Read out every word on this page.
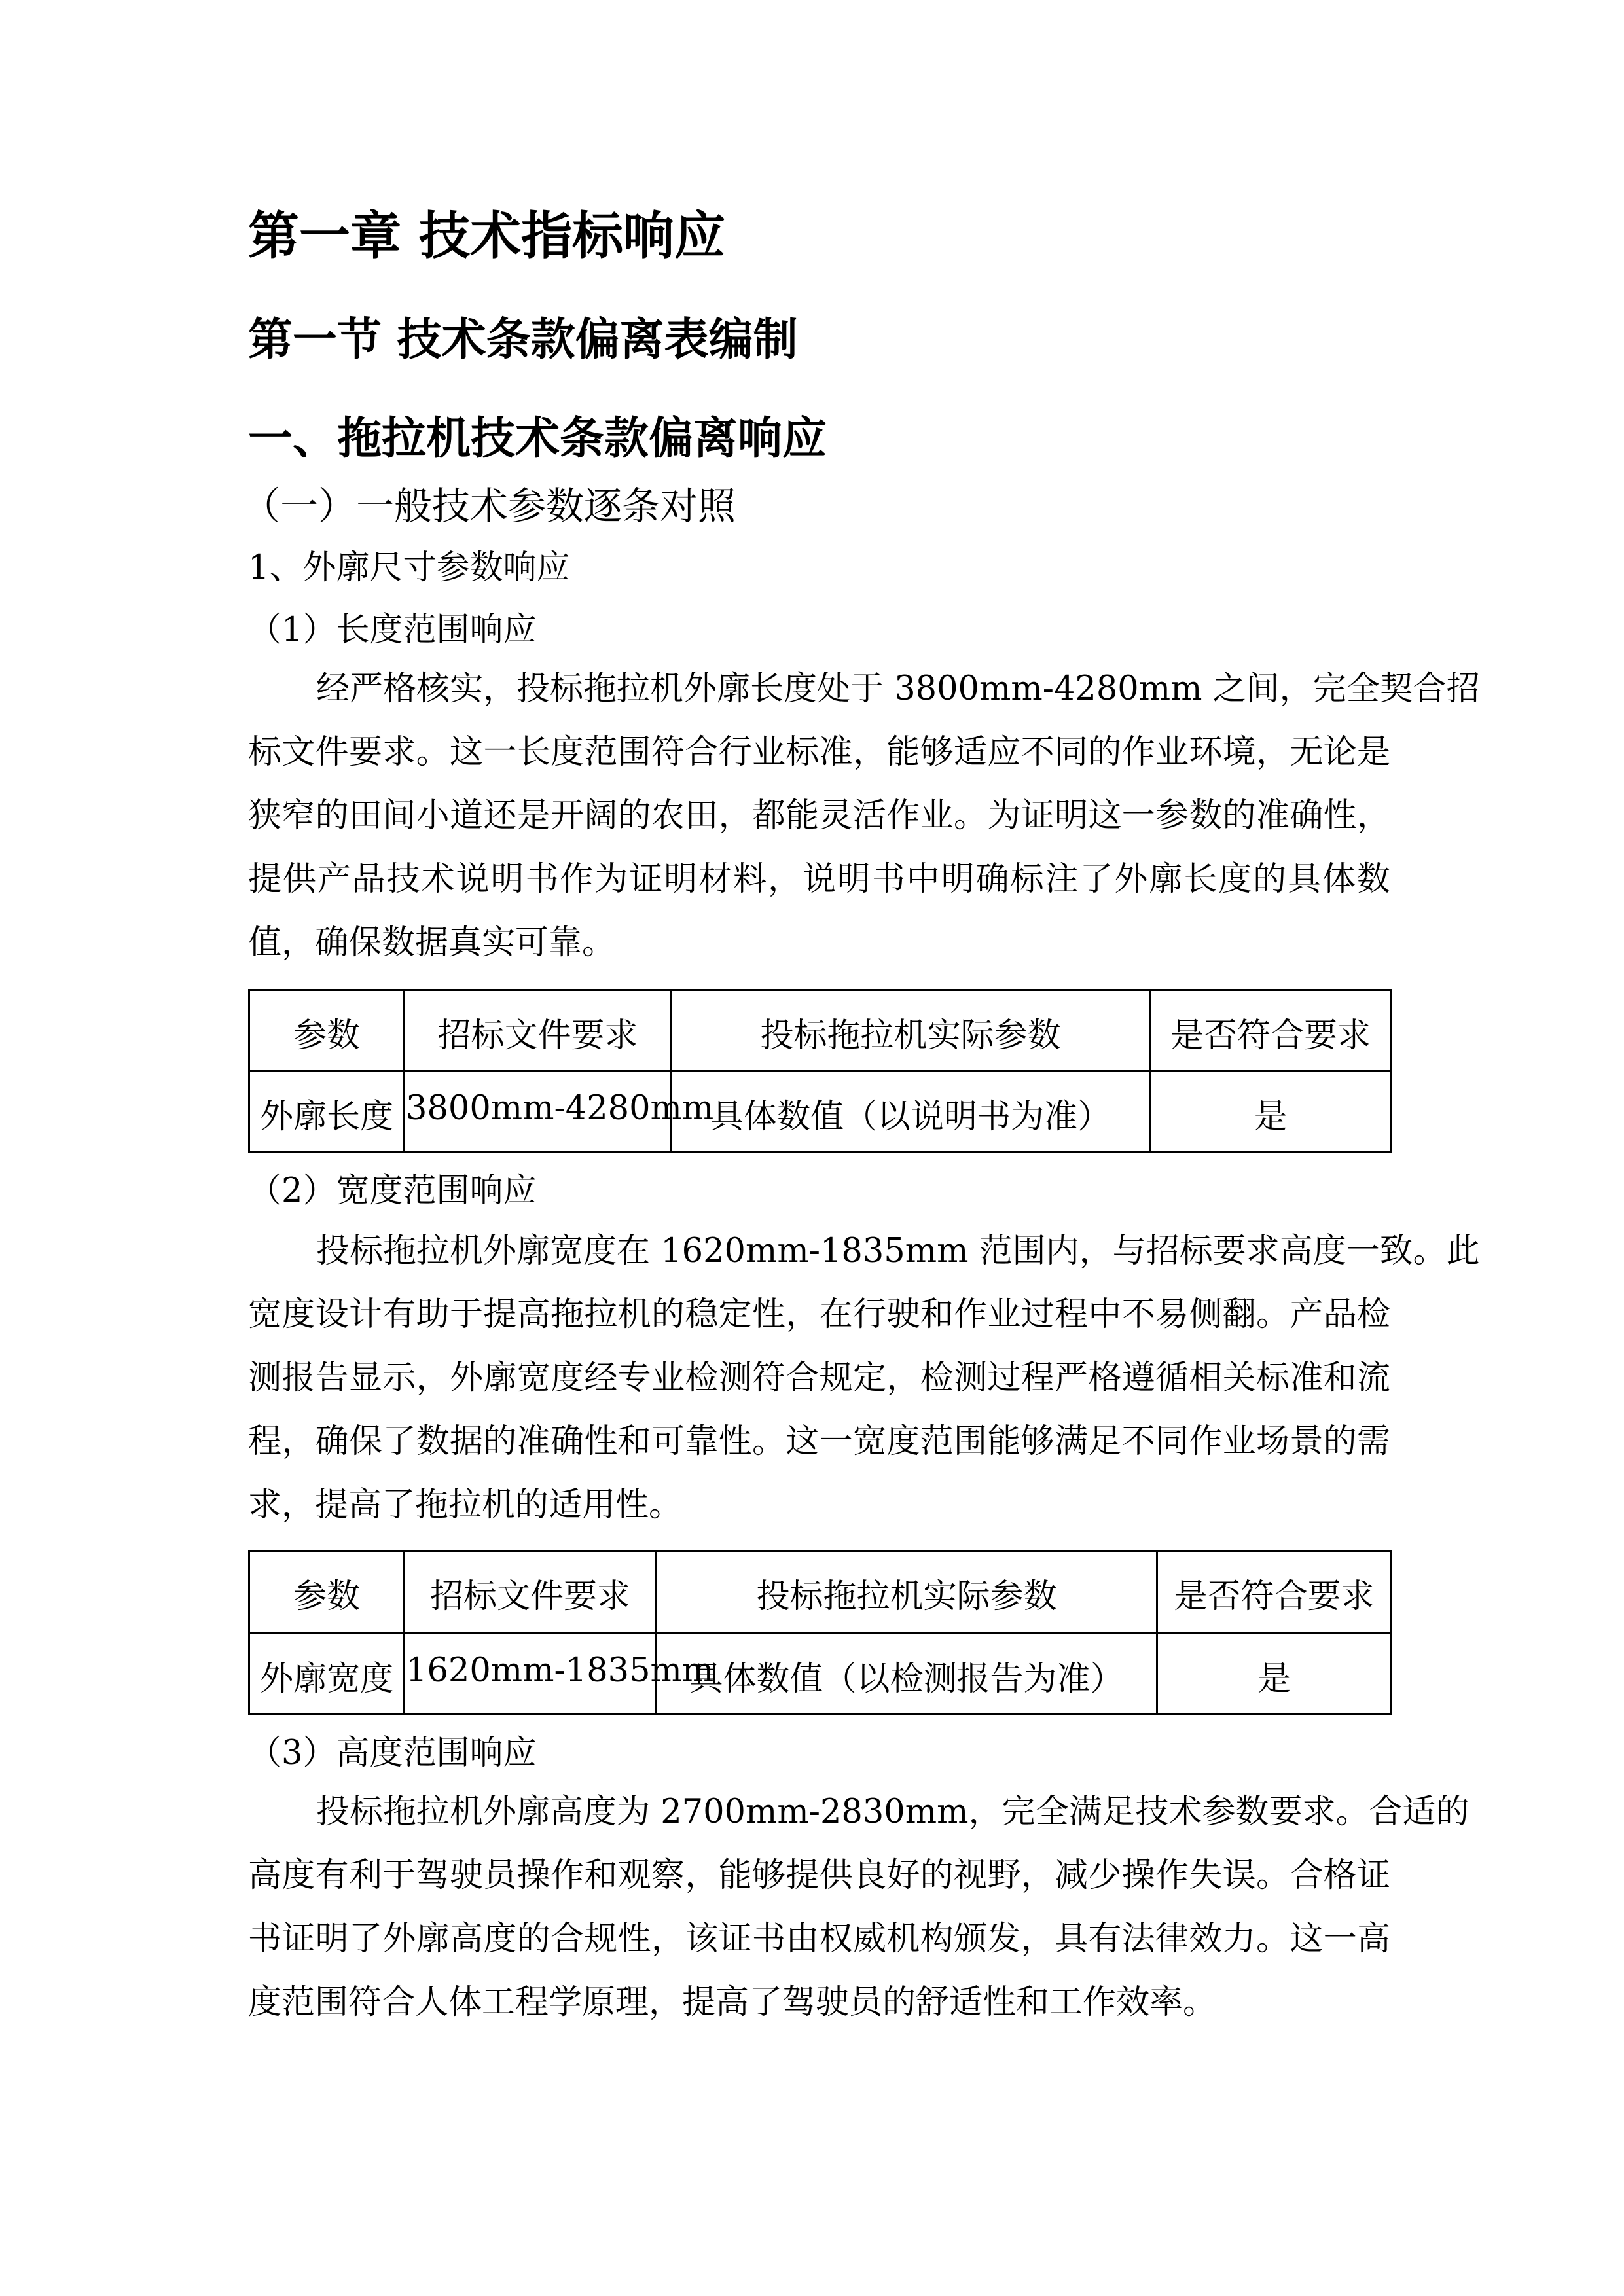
第一章 技术指标响应
第一节 技术条款偏离表编制
一、拖拉机技术条款偏离响应
（一）一般技术参数逐条对照
1、外廓尺寸参数响应
（1）长度范围响应
经严格核实，投标拖拉机外廓长度处于 3800mm-4280mm 之间，完全契合招
标文件要求。这一长度范围符合行业标准，能够适应不同的作业环境，无论是
狭窄的田间小道还是开阔的农田，都能灵活作业。为证明这一参数的准确性，
提供产品技术说明书作为证明材料，说明书中明确标注了外廓长度的具体数
值，确保数据真实可靠。
参数	招标文件要求	投标拖拉机实际参数	是否符合要求
外廓长度	3800mm-4280mm	具体数值（以说明书为准）	是
（2）宽度范围响应
投标拖拉机外廓宽度在 1620mm-1835mm 范围内，与招标要求高度一致。此
宽度设计有助于提高拖拉机的稳定性，在行驶和作业过程中不易侧翻。产品检
测报告显示，外廓宽度经专业检测符合规定，检测过程严格遵循相关标准和流
程，确保了数据的准确性和可靠性。这一宽度范围能够满足不同作业场景的需
求，提高了拖拉机的适用性。
参数	招标文件要求	投标拖拉机实际参数	是否符合要求
外廓宽度	1620mm-1835mm	具体数值（以检测报告为准）	是
（3）高度范围响应
投标拖拉机外廓高度为 2700mm-2830mm，完全满足技术参数要求。合适的
高度有利于驾驶员操作和观察，能够提供良好的视野，减少操作失误。合格证
书证明了外廓高度的合规性，该证书由权威机构颁发，具有法律效力。这一高
度范围符合人体工程学原理，提高了驾驶员的舒适性和工作效率。
